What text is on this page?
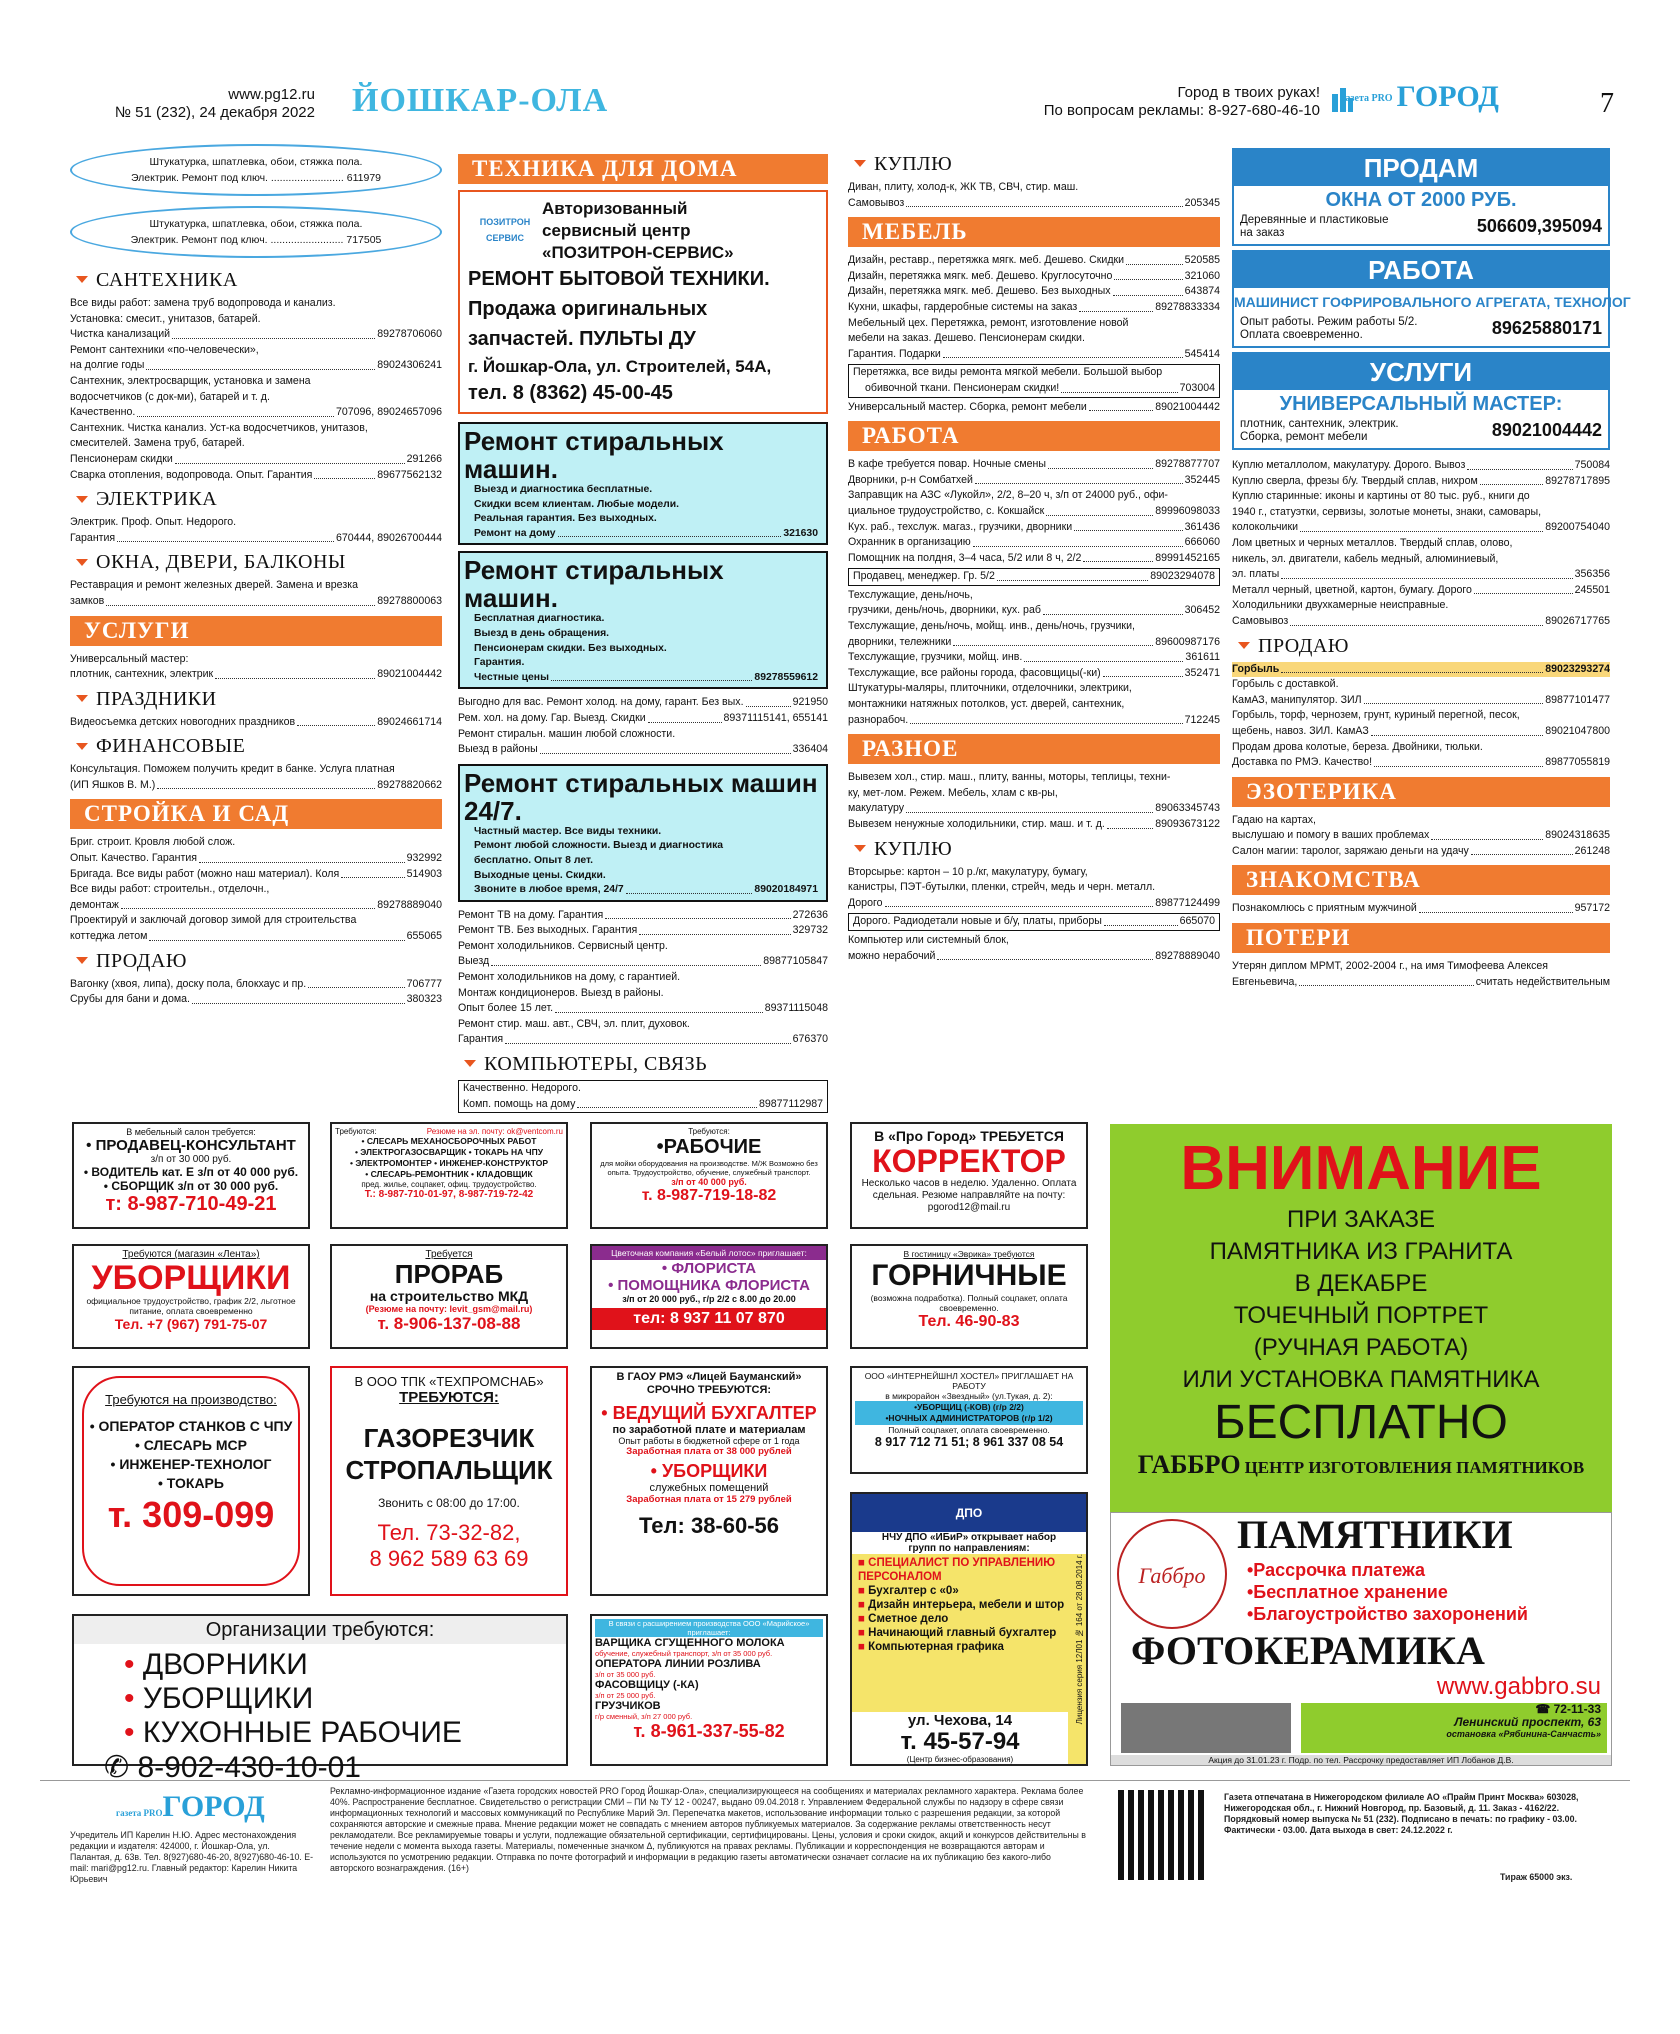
www.pg12.ru
№ 51 (232), 24 декабря 2022 ЙОШКАР-ОЛА	Город в твоих руках!
По вопросам рекламы: 8-927-680-46-10
Газета PRO ГОРОД	7
Штукатурка, шпатлевка, обои, стяжка пола.
Электрик. Ремонт под ключ. ......................... 611979
Штукатурка, шпатлевка, обои, стяжка пола.
Электрик. Ремонт под ключ. ......................... 717505
САНТЕХНИКА
Все виды работ: замена труб водопровода и канализ.
Установка: смесит., унитазов, батарей.
Чистка канализаций	89278706060
Ремонт сантехники «по-человечески»,
на долгие годы	89024306241
Сантехник, электросварщик, установка и замена
водосчетчиков (с док-ми), батарей и т. д.
Качественно.	707096, 89024657096
Сантехник. Чистка канализ. Уст-ка водосчетчиков, унитазов,
смесителей. Замена труб, батарей.
Пенсионерам скидки	291266
Сварка отопления, водопровода. Опыт. Гарантия	89677562132
ЭЛЕКТРИКА
Электрик. Проф. Опыт. Недорого.
Гарантия	670444, 89026700444
ОКНА, ДВЕРИ, БАЛКОНЫ
Реставрация и ремонт железных дверей. Замена и врезка
замков	89278800063
УСЛУГИ
Универсальный мастер:
плотник, сантехник, электрик	89021004442
ПРАЗДНИКИ
Видеосъемка детских новогодних праздников	89024661714
ФИНАНСОВЫЕ
Консультация. Поможем получить кредит в банке. Услуга платная
(ИП Яшков В. М.)	89278820662
СТРОЙКА И САД
Бриг. строит. Кровля любой слож.
Опыт. Качество. Гарантия	932992
Бригада. Все виды работ (можно наш материал). Коля	514903
Все виды работ: строительн., отделочн.,
демонтаж	89278889040
Проектируй и заключай договор зимой для строительства
коттеджа летом	655065
ПРОДАЮ
Вагонку (хвоя, липа), доску пола, блокхаус и пр.	706777
Срубы для бани и дома.	380323
ТЕХНИКА ДЛЯ ДОМА
ПОЗИТРОН СЕРВИС
Авторизованный
сервисный центр
«ПОЗИТРОН-СЕРВИС»
РЕМОНТ БЫТОВОЙ ТЕХНИКИ.
Продажа оригинальных
запчастей. ПУЛЬТЫ ДУ
г. Йошкар-Ола, ул. Строителей, 54А,
тел. 8 (8362) 45-00-45
Ремонт стиральных машин.
Выезд и диагностика бесплатные.
Скидки всем клиентам. Любые модели.
Реальная гарантия. Без выходных.
Ремонт на дому	321630
Ремонт стиральных машин.
Бесплатная диагностика.
Выезд в день обращения.
Пенсионерам скидки. Без выходных.
Гарантия.
Честные цены	89278559612
Выгодно для вас. Ремонт холод. на дому, гарант. Без вых.	921950
Рем. хол. на дому. Гар. Выезд. Скидки	89371115141, 655141
Ремонт стиральн. машин любой сложности.
Выезд в районы	336404
Ремонт стиральных машин 24/7.
Частный мастер. Все виды техники.
Ремонт любой сложности. Выезд и диагностика
бесплатно. Опыт 8 лет.
Выходные цены. Скидки.
Звоните в любое время, 24/7	89020184971
Ремонт ТВ на дому. Гарантия	272636
Ремонт ТВ. Без выходных. Гарантия	329732
Ремонт холодильников. Сервисный центр.
Выезд	89877105847
Ремонт холодильников на дому, с гарантией.
Монтаж кондиционеров. Выезд в районы.
Опыт более 15 лет.	89371115048
Ремонт стир. маш. авт., СВЧ, эл. плит, духовок.
Гарантия	676370
КОМПЬЮТЕРЫ, СВЯЗЬ
Качественно. Недорого.
Комп. помощь на дому	89877112987
КУПЛЮ
Диван, плиту, холод-к, ЖК ТВ, СВЧ, стир. маш.
Самовывоз	205345
МЕБЕЛЬ
Дизайн, реставр., перетяжка мягк. меб. Дешево. Скидки	520585
Дизайн, перетяжка мягк. меб. Дешево. Круглосуточно	321060
Дизайн, перетяжка мягк. меб. Дешево. Без выходных	643874
Кухни, шкафы, гардеробные системы на заказ	89278833334
Мебельный цех. Перетяжка, ремонт, изготовление новой
мебели на заказ. Дешево. Пенсионерам скидки.
Гарантия. Подарки	545414
Перетяжка, все виды ремонта мягкой мебели. Большой выбор
обивочной ткани. Пенсионерам скидки!	703004
Универсальный мастер. Сборка, ремонт мебели	89021004442
РАБОТА
В кафе требуется повар. Ночные смены	89278877707
Дворники, р-н Сомбатхей	352445
Заправщик на АЗС «Лукойл», 2/2, 8–20 ч, з/п от 24000 руб., офи-
циальное трудоустройство, с. Кокшайск	89996098033
Кух. раб., техслуж. магаз., грузчики, дворники	361436
Охранник в организацию	666060
Помощник на полдня, 3–4 часа, 5/2 или 8 ч, 2/2	89991452165
Продавец, менеджер. Гр. 5/2	89023294078
Техслужащие, день/ночь,
грузчики, день/ночь, дворники, кух. раб	306452
Техслужащие, день/ночь, мойщ. инв., день/ночь, грузчики,
дворники, тележники	89600987176
Техслужащие, грузчики, мойщ. инв.	361611
Техслужащие, все районы города, фасовщицы(-ки)	352471
Штукатуры-маляры, плиточники, отделочники, электрики,
монтажники натяжных потолков, уст. дверей, сантехник,
разнорабоч.	712245
РАЗНОЕ
Вывезем хол., стир. маш., плиту, ванны, моторы, теплицы, техни-
ку, мет-лом. Режем. Мебель, хлам с кв-ры,
макулатуру	89063345743
Вывезем ненужные холодильники, стир. маш. и т. д.	89093673122
КУПЛЮ
Вторсырье: картон – 10 р./кг, макулатуру, бумагу,
канистры, ПЭТ-бутылки, пленки, стрейч, медь и черн. металл.
Дорого	89877124499
Дорого. Радиодетали новые и б/у, платы, приборы	665070
Компьютер или системный блок,
можно нерабочий	89278889040
ПРОДАМ
ОКНА ОТ 2000 РУБ.
Деревянные и пластиковые
на заказ	506609,395094
РАБОТА
МАШИНИСТ ГОФРИРОВАЛЬНОГО АГРЕГАТА, ТЕХНОЛОГ
Опыт работы. Режим работы 5/2.
Оплата своевременно.	89625880171
УСЛУГИ
УНИВЕРСАЛЬНЫЙ МАСТЕР:
плотник, сантехник, электрик.
Сборка, ремонт мебели	89021004442
Куплю металлолом, макулатуру. Дорого. Вывоз	750084
Куплю сверла, фрезы б/у. Твердый сплав, нихром	89278717895
Куплю старинные: иконы и картины от 80 тыс. руб., книги до
1940 г., статуэтки, сервизы, золотые монеты, знаки, самовары,
колокольчики	89200754040
Лом цветных и черных металлов. Твердый сплав, олово,
никель, эл. двигатели, кабель медный, алюминиевый,
эл. платы	356356
Металл черный, цветной, картон, бумагу. Дорого	245501
Холодильники двухкамерные неисправные.
Самовывоз	89026717765
ПРОДАЮ
Горбыль	89023293274
Горбыль с доставкой.
КамАЗ, манипулятор. ЗИЛ	89877101477
Горбыль, торф, чернозем, грунт, куриный перегной, песок,
щебень, навоз. ЗИЛ. КамАЗ	89021047800
Продам дрова колотые, береза. Двойники, тюльки.
Доставка по РМЭ. Качество!	89877055819
ЭЗОТЕРИКА
Гадаю на картах,
выслушаю и помогу в ваших проблемах	89024318635
Салон магии: таролог, заряжаю деньги на удачу	261248
ЗНАКОМСТВА
Познакомлюсь с приятным мужчиной	957172
ПОТЕРИ
Утерян диплом МРМТ, 2002-2004 г., на имя Тимофеева Алексея
Евгеньевича,	считать недействительным
В мебельный салон требуется:
• ПРОДАВЕЦ-КОНСУЛЬТАНТ
з/п от 30 000 руб.
• ВОДИТЕЛЬ кат. Е з/п от 40 000 руб.
• СБОРЩИК з/п от 30 000 руб.
т: 8-987-710-49-21
Требуются:	Резюме на эл. почту: ok@ventcom.ru
• СЛЕСАРЬ МЕХАНОСБОРОЧНЫХ РАБОТ
• ЭЛЕКТРОГАЗОСВАРЩИК • ТОКАРЬ НА ЧПУ
• ЭЛЕКТРОМОНТЕР • ИНЖЕНЕР-КОНСТРУКТОР
• СЛЕСАРЬ-РЕМОНТНИК • КЛАДОВЩИК
пред. жилье, соцпакет, офиц. трудоустройство.
Т.: 8-987-710-01-97, 8-987-719-72-42
Требуются:
•РАБОЧИЕ
для мойки оборудования на производстве. М/Ж Возможно без опыта. Трудоустройство, обучение, служебный транспорт.
з/п от 40 000 руб.
т. 8-987-719-18-82
В «Про Город» ТРЕБУЕТСЯ
КОРРЕКТОР
Несколько часов в неделю. Удаленно. Оплата сдельная. Резюме направляйте на почту: pgorod12@mail.ru
Требуются (магазин «Лента»)
УБОРЩИКИ
официальное трудоустройство, график 2/2, льготное питание, оплата своевременно
Тел. +7 (967) 791-75-07
Требуется
ПРОРАБ
на строительство МКД
(Резюме на почту: levit_gsm@mail.ru)
т. 8-906-137-08-88
Цветочная компания «Белый лотос» приглашает:
• ФЛОРИСТА
• ПОМОЩНИКА ФЛОРИСТА
з/п от 20 000 руб., г/р 2/2 с 8.00 до 20.00
тел: 8 937 11 07 870
В гостиницу «Эврика» требуются
ГОРНИЧНЫЕ
(возможна подработка). Полный соцпакет, оплата своевременно.
Тел. 46-90-83
Требуются на производство:
• ОПЕРАТОР СТАНКОВ С ЧПУ
• СЛЕСАРЬ МСР
• ИНЖЕНЕР-ТЕХНОЛОГ
• ТОКАРЬ
т. 309-099
В ООО ТПК «ТЕХПРОМСНАБ»
ТРЕБУЮТСЯ:
ГАЗОРЕЗЧИК
СТРОПАЛЬЩИК
Звонить с 08:00 до 17:00.
Тел. 73-32-82,
8 962 589 63 69
В ГАОУ РМЭ «Лицей Бауманский» СРОЧНО ТРЕБУЮТСЯ:
• ВЕДУЩИЙ БУХГАЛТЕР
по заработной плате и материалам
Опыт работы в бюджетной сфере от 1 года
Заработная плата от 38 000 рублей
• УБОРЩИКИ
служебных помещений
Заработная плата от 15 279 рублей
Тел: 38-60-56
ООО «ИНТЕРНЕЙШНЛ ХОСТЕЛ» ПРИГЛАШАЕТ НА РАБОТУ
в микрорайон «Звездный» (ул.Тукая, д. 2):
•УБОРЩИЦ (-КОВ) (г/р 2/2)
•НОЧНЫХ АДМИНИСТРАТОРОВ (г/р 1/2)
Полный соцпакет, оплата своевременно.
8 917 712 71 51; 8 961 337 08 54
Организации требуются:
• ДВОРНИКИ
• УБОРЩИКИ
• КУХОННЫЕ РАБОЧИЕ
✆ 8-902-430-10-01
В связи с расширением производства ООО «Марийское» приглашает:
ВАРЩИКА СГУЩЕННОГО МОЛОКА
обучение, служебный транспорт, з/п от 35 000 руб.
ОПЕРАТОРА ЛИНИИ РОЗЛИВА
з/п от 35 000 руб.
ФАСОВЩИЦУ (-КА)
з/п от 25 000 руб.
ГРУЗЧИКОВ
г/р сменный, з/п 27 000 руб.
т. 8-961-337-55-82
ДПО
НЧУ ДПО «ИБиР» открывает набор
групп по направлениям:
■ СПЕЦИАЛИСТ ПО УПРАВЛЕНИЮ ПЕРСОНАЛОМ
■ Бухгалтер с «0»
■ Дизайн интерьера, мебели и штор
■ Сметное дело
■ Начинающий главный бухгалтер
■ Компьютерная графика
ул. Чехова, 14
т. 45-57-94
(Центр бизнес-образования)
Лицензия серия 12Л01 № 164 от 28.08.2014 г.
ВНИМАНИЕ
ПРИ ЗАКАЗЕ
ПАМЯТНИКА ИЗ ГРАНИТА
В ДЕКАБРЕ
ТОЧЕЧНЫЙ ПОРТРЕТ
(РУЧНАЯ РАБОТА)
ИЛИ УСТАНОВКА ПАМЯТНИКА
БЕСПЛАТНО
ГАББРО ЦЕНТР ИЗГОТОВЛЕНИЯ ПАМЯТНИКОВ
Габбро
ПАМЯТНИКИ
•Рассрочка платежа
•Бесплатное хранение
•Благоустройство захоронений
ФОТОКЕРАМИКА
www.gabbro.su
☎ 72-11-33
Ленинский проспект, 63
остановка «Рябинина-Санчасть»
Акция до 31.01.23 г. Подр. по тел. Рассрочку предоставляет ИП Лобанов Д.В.
газета PROГОРОД
Учредитель ИП Карелин Н.Ю. Адрес местонахождения редакции и издателя: 424000, г. Йошкар-Ола, ул. Палантая, д. 63в. Тел. 8(927)680-46-20, 8(927)680-46-10. E-mail: mari@pg12.ru. Главный редактор: Карелин Никита Юрьевич
Рекламно-информационное издание «Газета городских новостей PRO Город Йошкар-Ола», специализирующееся на сообщениях и материалах рекламного характера. Реклама более 40%. Распространение бесплатное. Свидетельство о регистрации СМИ – ПИ № ТУ 12 - 00247, выдано 09.04.2018 г. Управлением Федеральной службы по надзору в сфере связи информационных технологий и массовых коммуникаций по Республике Марий Эл. Перепечатка макетов, использование информации только с разрешения редакции, за которой сохраняются авторские и смежные права. Мнение редакции может не совпадать с мнением авторов публикуемых материалов. За содержание рекламы ответственность несут рекламодатели. Все рекламируемые товары и услуги, подлежащие обязательной сертификации, сертифицированы. Цены, условия и сроки скидок, акций и конкурсов действительны в течение недели с момента выхода газеты. Материалы, помеченные значком Δ, публикуются на правах рекламы. Публикации и корреспонденция не возвращаются авторам и используются по усмотрению редакции. Отправка по почте фотографий и информации в редакцию газеты автоматически означает согласие на их публикацию без какого-либо авторского вознаграждения. (16+)
Газета отпечатана в Нижегородском филиале АО «Прайм Принт Москва» 603028, Нижегородская обл., г. Нижний Новгород, пр. Базовый, д. 11. Заказ - 4162/22. Порядковый номер выпуска № 51 (232). Подписано в печать: по графику - 03.00. Фактически - 03.00. Дата выхода в свет: 24.12.2022 г.
Тираж 65000 экз.
